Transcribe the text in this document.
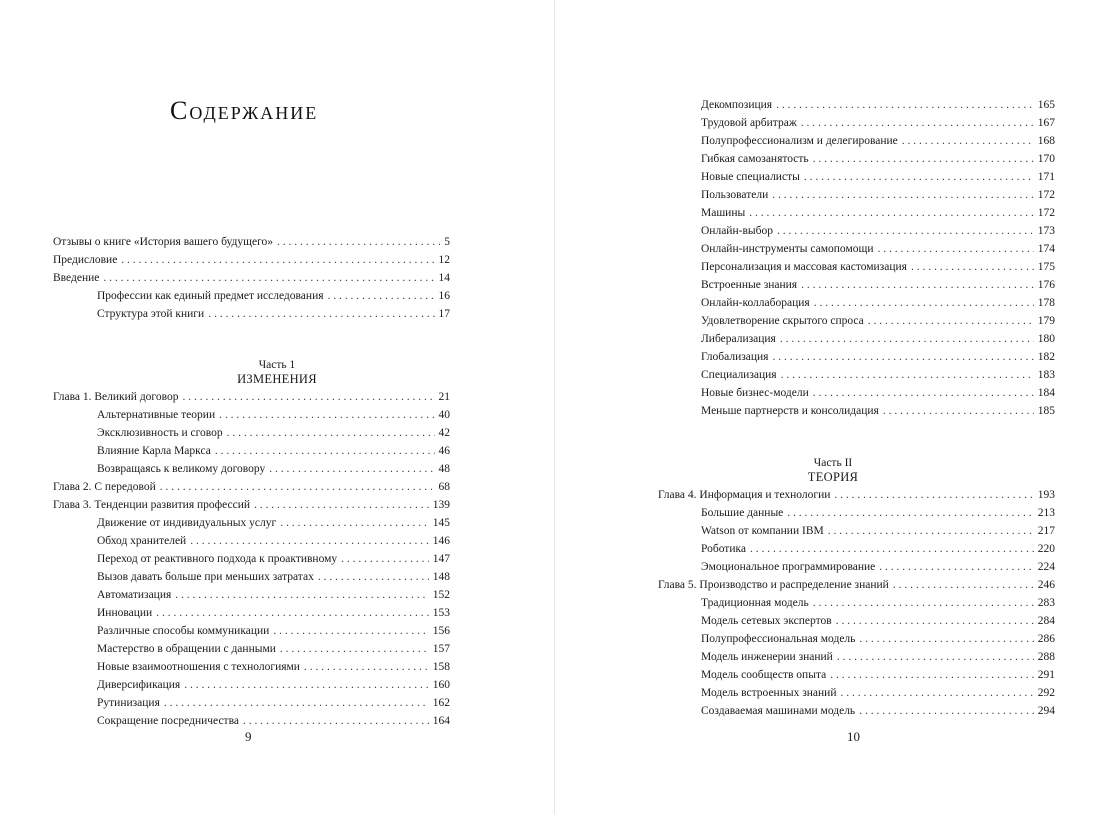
Содержание
Отзывы о книге «История вашего будущего» . . .	5
Предисловие . . .	12
Введение . . .	14
Профессии как единый предмет исследования . . .	16
Структура этой книги . . .	17
Часть 1
ИЗМЕНЕНИЯ
Глава 1. Великий договор . . .	21
Альтернативные теории . . .	40
Эксклюзивность и сговор . . .	42
Влияние Карла Маркса . . .	46
Возвращаясь к великому договору . . .	48
Глава 2. С передовой . . .	68
Глава 3. Тенденции развития профессий . . .	139
Движение от индивидуальных услуг . . .	145
Обход хранителей . . .	146
Переход от реактивного подхода к проактивному . . .	147
Вызов давать больше при меньших затратах . . .	148
Автоматизация . . .	152
Инновации . . .	153
Различные способы коммуникации . . .	156
Мастерство в обращении с данными . . .	157
Новые взаимоотношения с технологиями . . .	158
Диверсификация . . .	160
Рутинизация . . .	162
Сокращение посредничества . . .	164
9
Декомпозиция . . .	165
Трудовой арбитраж . . .	167
Полупрофессионализм и делегирование . . .	168
Гибкая самозанятость . . .	170
Новые специалисты . . .	171
Пользователи . . .	172
Машины . . .	172
Онлайн-выбор . . .	173
Онлайн-инструменты самопомощи . . .	174
Персонализация и массовая кастомизация . . .	175
Встроенные знания . . .	176
Онлайн-коллаборация . . .	178
Удовлетворение скрытого спроса . . .	179
Либерализация . . .	180
Глобализация . . .	182
Специализация . . .	183
Новые бизнес-модели . . .	184
Меньше партнерств и консолидация . . .	185
Часть II
ТЕОРИЯ
Глава 4. Информация и технологии . . .	193
Большие данные . . .	213
Watson от компании IBM . . .	217
Роботика . . .	220
Эмоциональное программирование . . .	224
Глава 5. Производство и распределение знаний . . .	246
Традиционная модель . . .	283
Модель сетевых экспертов . . .	284
Полупрофессиональная модель . . .	286
Модель инженерии знаний . . .	288
Модель сообществ опыта . . .	291
Модель встроенных знаний . . .	292
Создаваемая машинами модель . . .	294
10
